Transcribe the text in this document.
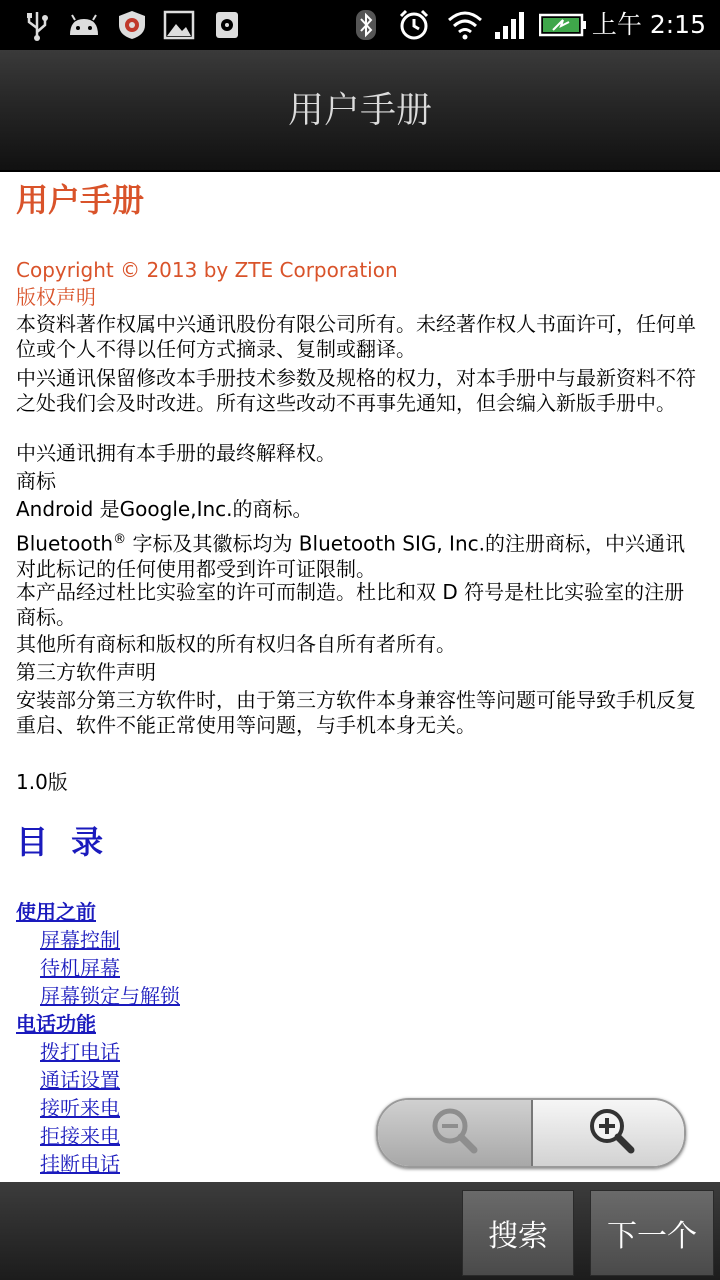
上午 2:15
用户手册
用户手册
Copyright © 2013 by ZTE Corporation
版权声明
本资料著作权属中兴通讯股份有限公司所有。未经著作权人书面许可，任何单位或个人不得以任何方式摘录、复制或翻译。
中兴通讯保留修改本手册技术参数及规格的权力，对本手册中与最新资料不符之处我们会及时改进。所有这些改动不再事先通知，但会编入新版手册中。
中兴通讯拥有本手册的最终解释权。
商标
Android 是Google,Inc.的商标。
Bluetooth® 字标及其徽标均为 Bluetooth SIG, Inc.的注册商标，中兴通讯对此标记的任何使用都受到许可证限制。
本产品经过杜比实验室的许可而制造。杜比和双 D 符号是杜比实验室的注册商标。
其他所有商标和版权的所有权归各自所有者所有。
第三方软件声明
安装部分第三方软件时，由于第三方软件本身兼容性等问题可能导致手机反复重启、软件不能正常使用等问题，与手机本身无关。
1.0版
目 录
使用之前
屏幕控制
待机屏幕
屏幕锁定与解锁
电话功能
拨打电话
通话设置
接听来电
拒接来电
挂断电话
搜索	下一个
